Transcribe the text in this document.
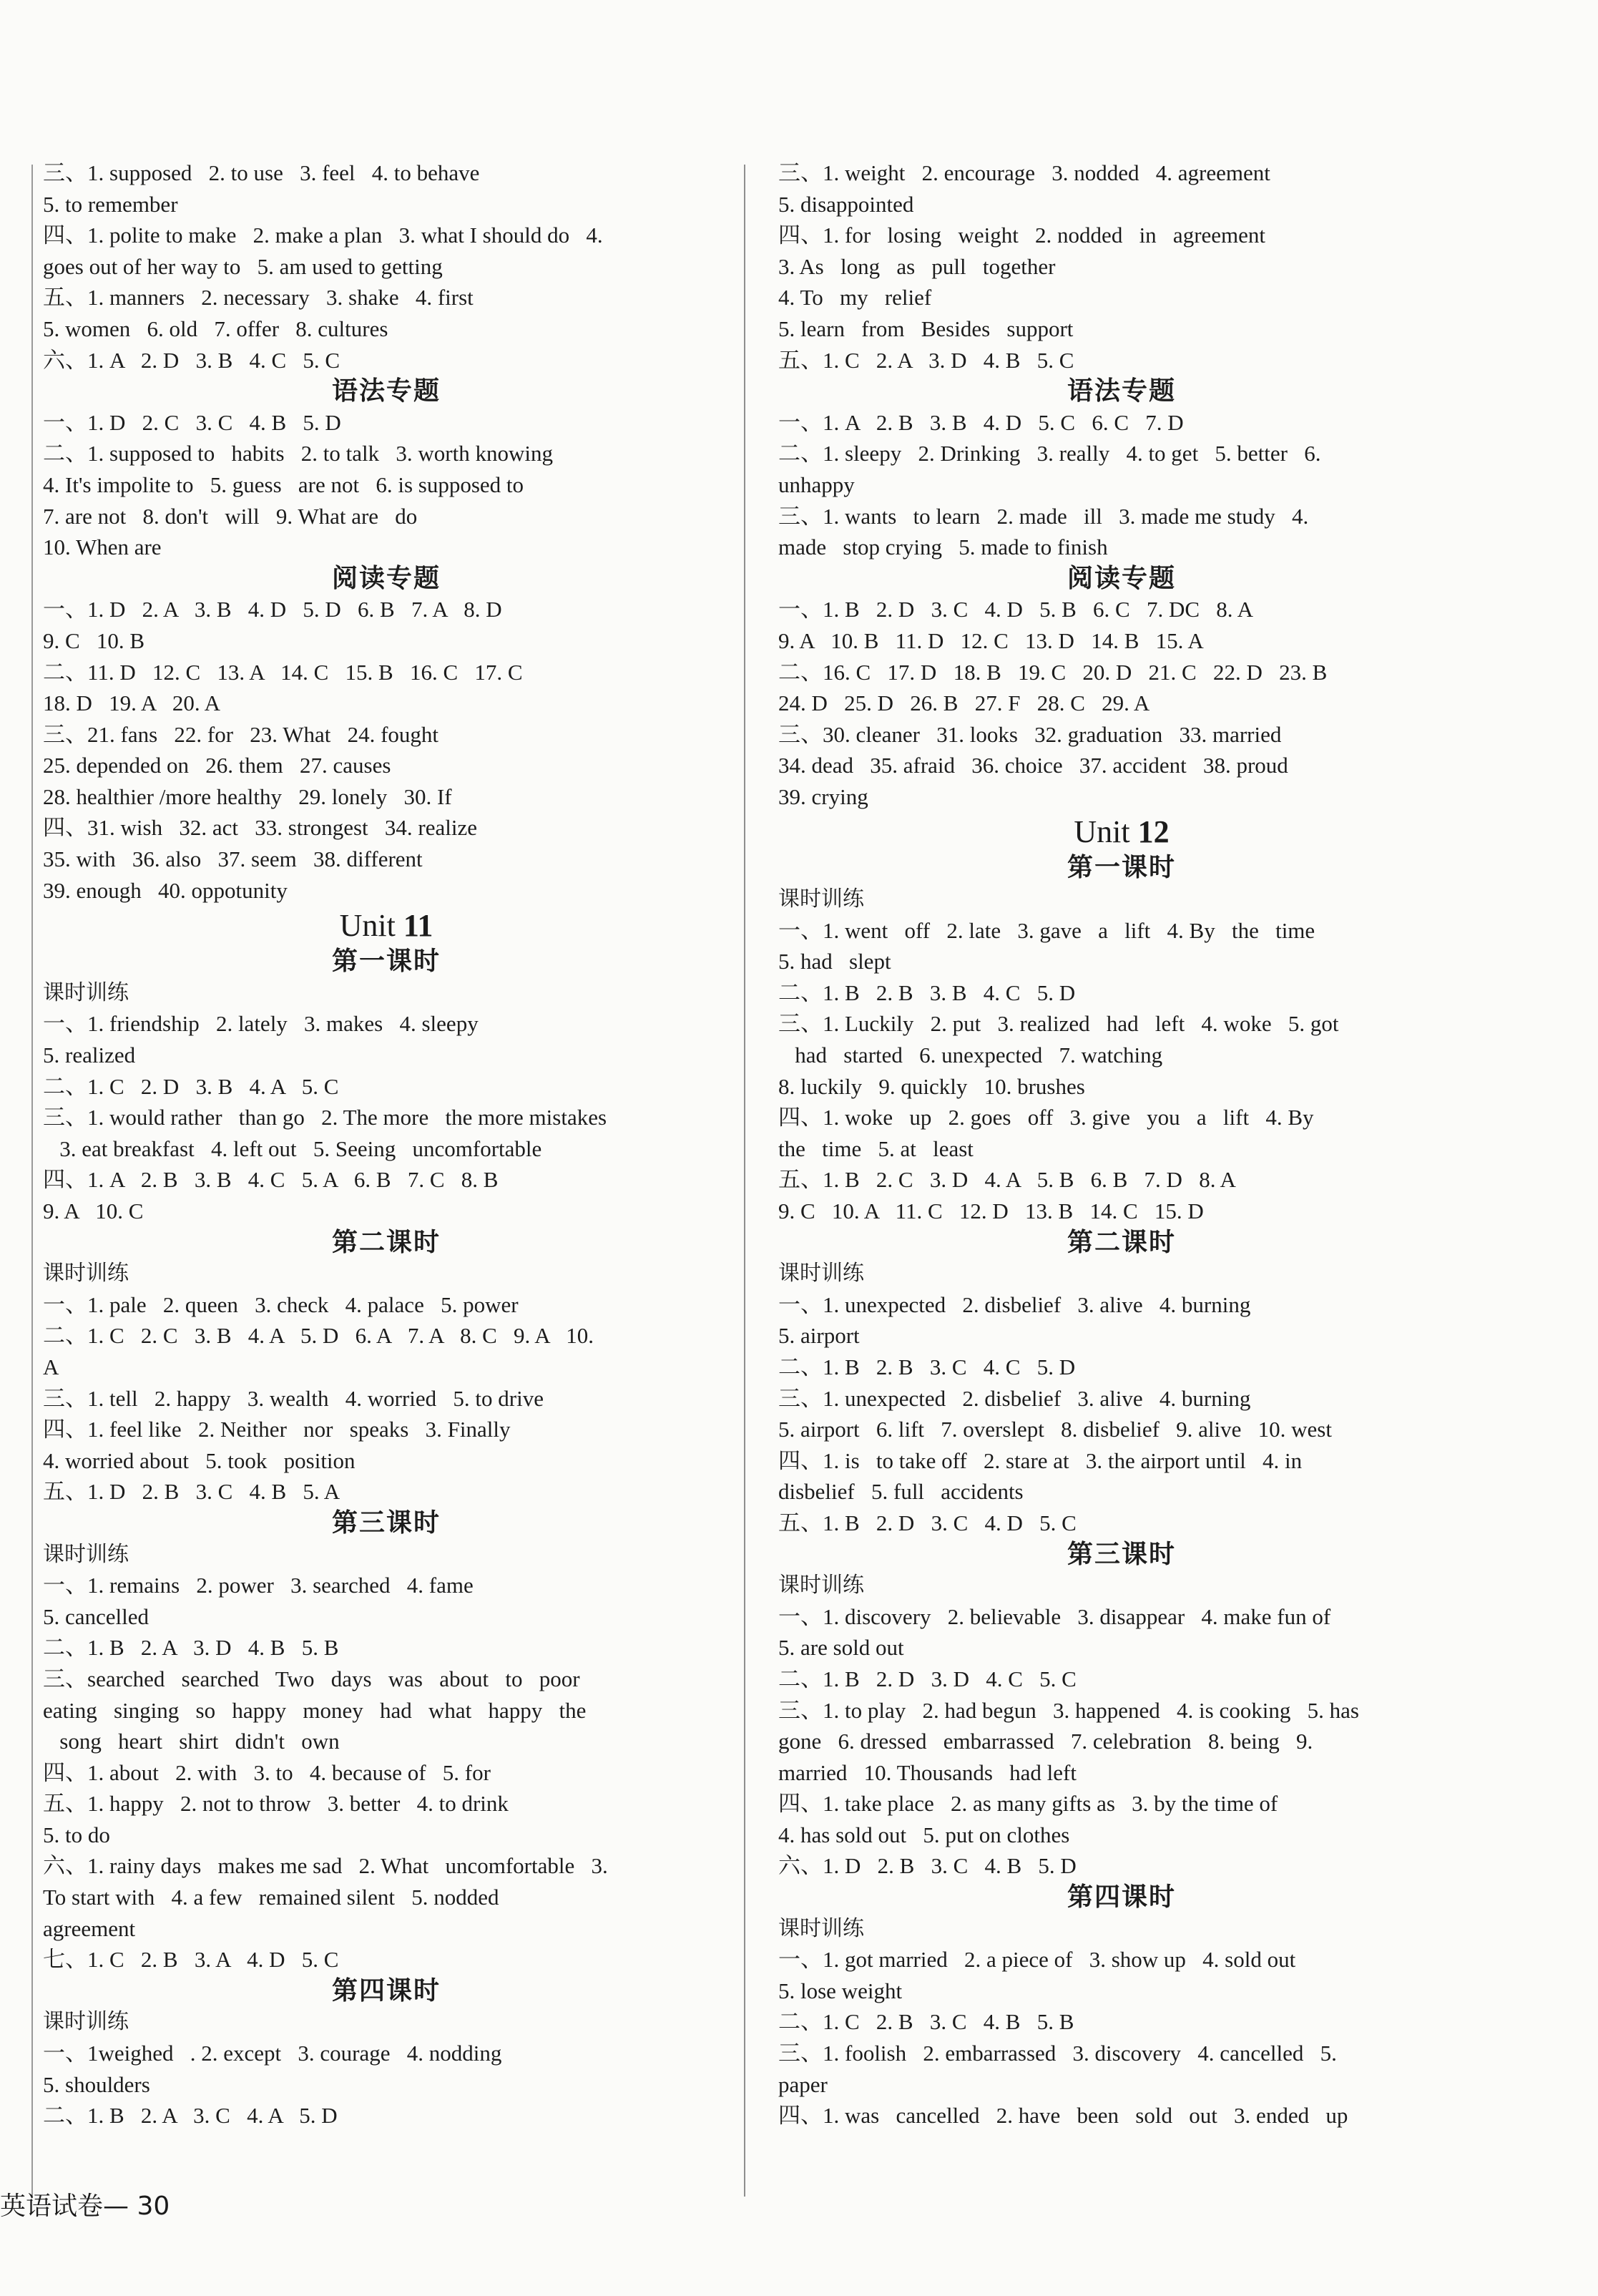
三、1. supposed   2. to use   3. feel   4. to behave
5. to remember
四、1. polite to make   2. make a plan   3. what I should do   4.
goes out of her way to   5. am used to getting
五、1. manners   2. necessary   3. shake   4. first
5. women   6. old   7. offer   8. cultures
六、1. A   2. D   3. B   4. C   5. C
语法专题
一、1. D   2. C   3. C   4. B   5. D
二、1. supposed to   habits   2. to talk   3. worth knowing
4. It's impolite to   5. guess   are not   6. is supposed to
7. are not   8. don't   will   9. What are   do
10. When are
阅读专题
一、1. D   2. A   3. B   4. D   5. D   6. B   7. A   8. D
9. C   10. B
二、11. D   12. C   13. A   14. C   15. B   16. C   17. C
18. D   19. A   20. A
三、21. fans   22. for   23. What   24. fought
25. depended on   26. them   27. causes
28. healthier /more healthy   29. lonely   30. If
四、31. wish   32. act   33. strongest   34. realize
35. with   36. also   37. seem   38. different
39. enough   40. oppotunity
Unit 11
第一课时
课时训练
一、1. friendship   2. lately   3. makes   4. sleepy
5. realized
二、1. C   2. D   3. B   4. A   5. C
三、1. would rather   than go   2. The more   the more mistakes
3. eat breakfast   4. left out   5. Seeing   uncomfortable
四、1. A   2. B   3. B   4. C   5. A   6. B   7. C   8. B
9. A   10. C
第二课时
课时训练
一、1. pale   2. queen   3. check   4. palace   5. power
二、1. C   2. C   3. B   4. A   5. D   6. A   7. A   8. C   9. A   10.
A
三、1. tell   2. happy   3. wealth   4. worried   5. to drive
四、1. feel like   2. Neither   nor   speaks   3. Finally
4. worried about   5. took   position
五、1. D   2. B   3. C   4. B   5. A
第三课时
课时训练
一、1. remains   2. power   3. searched   4. fame
5. cancelled
二、1. B   2. A   3. D   4. B   5. B
三、searched   searched   Two   days   was   about   to   poor
eating   singing   so   happy   money   had   what   happy   the
song   heart   shirt   didn't   own
四、1. about   2. with   3. to   4. because of   5. for
五、1. happy   2. not to throw   3. better   4. to drink
5. to do
六、1. rainy days   makes me sad   2. What   uncomfortable   3.
To start with   4. a few   remained silent   5. nodded
agreement
七、1. C   2. B   3. A   4. D   5. C
第四课时
课时训练
一、1weighed   . 2. except   3. courage   4. nodding
5. shoulders
二、1. B   2. A   3. C   4. A   5. D
三、1. weight   2. encourage   3. nodded   4. agreement
5. disappointed
四、1. for   losing   weight   2. nodded   in   agreement
3. As   long   as   pull   together
4. To   my   relief
5. learn   from   Besides   support
五、1. C   2. A   3. D   4. B   5. C
语法专题
一、1. A   2. B   3. B   4. D   5. C   6. C   7. D
二、1. sleepy   2. Drinking   3. really   4. to get   5. better   6.
unhappy
三、1. wants   to learn   2. made   ill   3. made me study   4.
made   stop crying   5. made to finish
阅读专题
一、1. B   2. D   3. C   4. D   5. B   6. C   7. DC   8. A
9. A   10. B   11. D   12. C   13. D   14. B   15. A
二、16. C   17. D   18. B   19. C   20. D   21. C   22. D   23. B
24. D   25. D   26. B   27. F   28. C   29. A
三、30. cleaner   31. looks   32. graduation   33. married
34. dead   35. afraid   36. choice   37. accident   38. proud
39. crying
Unit 12
第一课时
课时训练
一、1. went   off   2. late   3. gave   a   lift   4. By   the   time
5. had   slept
二、1. B   2. B   3. B   4. C   5. D
三、1. Luckily   2. put   3. realized   had   left   4. woke   5. got
had   started   6. unexpected   7. watching
8. luckily   9. quickly   10. brushes
四、1. woke   up   2. goes   off   3. give   you   a   lift   4. By
the   time   5. at   least
五、1. B   2. C   3. D   4. A   5. B   6. B   7. D   8. A
9. C   10. A   11. C   12. D   13. B   14. C   15. D
第二课时
课时训练
一、1. unexpected   2. disbelief   3. alive   4. burning
5. airport
二、1. B   2. B   3. C   4. C   5. D
三、1. unexpected   2. disbelief   3. alive   4. burning
5. airport   6. lift   7. overslept   8. disbelief   9. alive   10. west
四、1. is   to take off   2. stare at   3. the airport until   4. in
disbelief   5. full   accidents
五、1. B   2. D   3. C   4. D   5. C
第三课时
课时训练
一、1. discovery   2. believable   3. disappear   4. make fun of
5. are sold out
二、1. B   2. D   3. D   4. C   5. C
三、1. to play   2. had begun   3. happened   4. is cooking   5. has
gone   6. dressed   embarrassed   7. celebration   8. being   9.
married   10. Thousands   had left
四、1. take place   2. as many gifts as   3. by the time of
4. has sold out   5. put on clothes
六、1. D   2. B   3. C   4. B   5. D
第四课时
课时训练
一、1. got married   2. a piece of   3. show up   4. sold out
5. lose weight
二、1. C   2. B   3. C   4. B   5. B
三、1. foolish   2. embarrassed   3. discovery   4. cancelled   5.
paper
四、1. was   cancelled   2. have   been   sold   out   3. ended   up
英语试卷— 30
